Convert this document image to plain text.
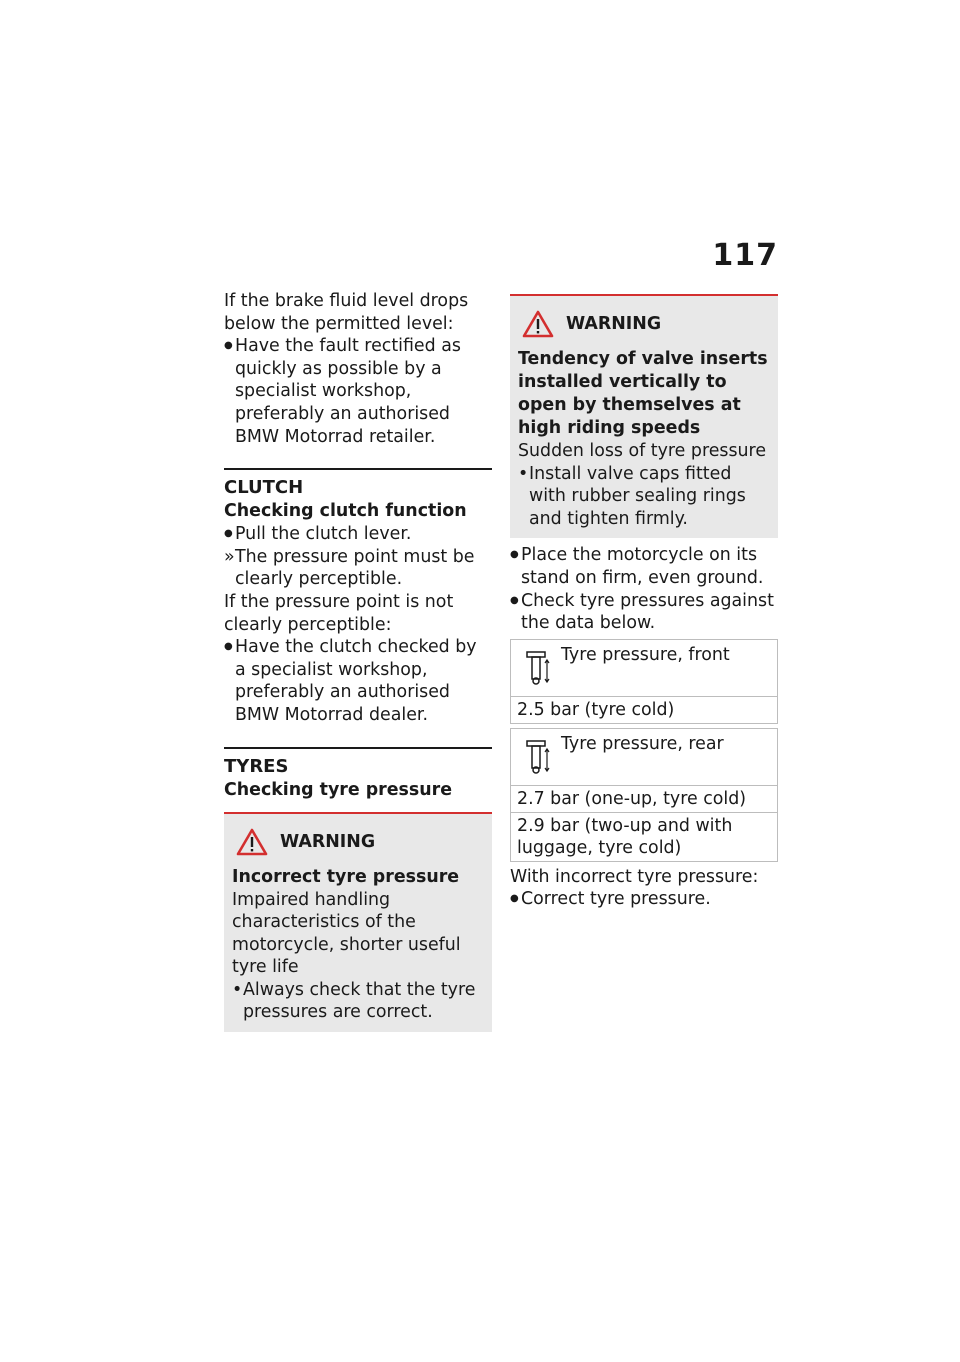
117

If the brake fluid level drops below the permitted level:

● Have the fault rectified as quickly as possible by a specialist workshop, preferably an authorised BMW Motorrad retailer.

CLUTCH

Checking clutch function

● Pull the clutch lever.

» The pressure point must be clearly perceptible.

If the pressure point is not clearly perceptible:

● Have the clutch checked by a specialist workshop, preferably an authorised BMW Motorrad dealer.

TYRES

Checking tyre pressure

WARNING

Incorrect tyre pressure

Impaired handling characteristics of the motorcycle, shorter useful tyre life

• Always check that the tyre pressures are correct.

WARNING

Tendency of valve inserts installed vertically to open by themselves at high riding speeds

Sudden loss of tyre pressure

• Install valve caps fitted with rubber sealing rings and tighten firmly.

● Place the motorcycle on its stand on firm, even ground.

● Check tyre pressures against the data below.

Tyre pressure, front

2.5 bar (tyre cold)
Tyre pressure, rear

2.7 bar (one-up, tyre cold)
2.9 bar (two-up and with luggage, tyre cold)

With incorrect tyre pressure:

● Correct tyre pressure.
